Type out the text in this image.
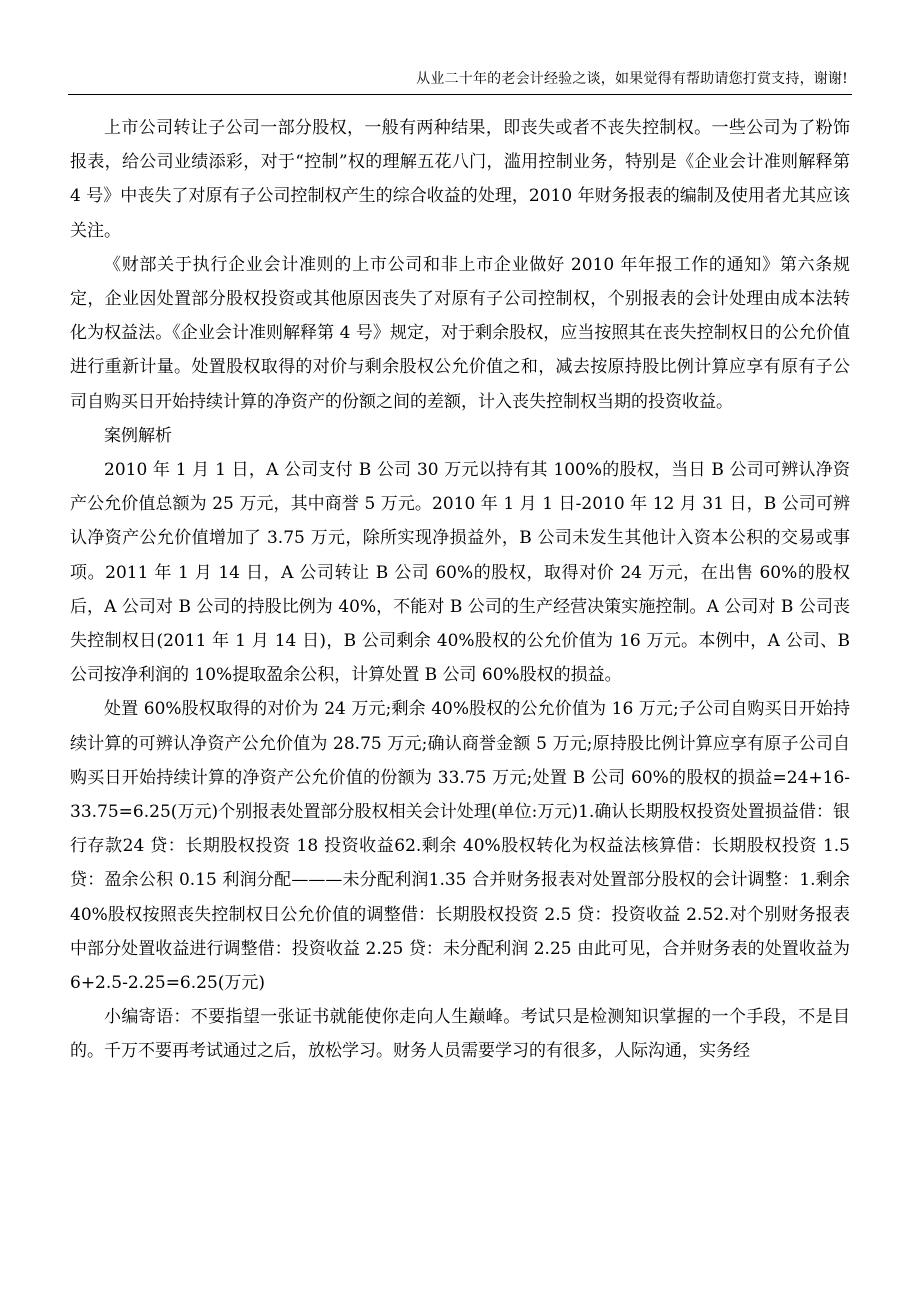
从业二十年的老会计经验之谈，如果觉得有帮助请您打赏支持，谢谢!

上市公司转让子公司一部分股权，一般有两种结果，即丧失或者不丧失控制权。一些公司为了粉饰报表，给公司业绩添彩，对于“控制”权的理解五花八门，滥用控制业务，特别是《企业会计准则解释第 4 号》中丧失了对原有子公司控制权产生的综合收益的处理，2010 年财务报表的编制及使用者尤其应该关注。

《财部关于执行企业会计准则的上市公司和非上市企业做好 2010 年年报工作的通知》第六条规定，企业因处置部分股权投资或其他原因丧失了对原有子公司控制权，个别报表的会计处理由成本法转化为权益法。《企业会计准则解释第 4 号》规定，对于剩余股权，应当按照其在丧失控制权日的公允价值进行重新计量。处置股权取得的对价与剩余股权公允价值之和，减去按原持股比例计算应享有原有子公司自购买日开始持续计算的净资产的份额之间的差额，计入丧失控制权当期的投资收益。

案例解析

2010 年 1 月 1 日，A 公司支付 B 公司 30 万元以持有其 100%的股权，当日 B 公司可辨认净资产公允价值总额为 25 万元，其中商誉 5 万元。2010 年 1 月 1 日-2010 年 12 月 31 日，B 公司可辨认净资产公允价值增加了 3.75 万元，除所实现净损益外，B 公司未发生其他计入资本公积的交易或事项。2011 年 1 月 14 日，A 公司转让 B 公司 60%的股权，取得对价 24 万元，在出售 60%的股权后，A 公司对 B 公司的持股比例为 40%，不能对 B 公司的生产经营决策实施控制。A 公司对 B 公司丧失控制权日(2011 年 1 月 14 日)，B 公司剩余 40%股权的公允价值为 16 万元。本例中，A 公司、B 公司按净利润的 10%提取盈余公积，计算处置 B 公司 60%股权的损益。

处置 60%股权取得的对价为 24 万元;剩余 40%股权的公允价值为 16 万元;子公司自购买日开始持续计算的可辨认净资产公允价值为 28.75 万元;确认商誉金额 5 万元;原持股比例计算应享有原子公司自购买日开始持续计算的净资产公允价值的份额为 33.75 万元;处置 B 公司 60%的股权的损益=24+16-33.75=6.25(万元)个别报表处置部分股权相关会计处理(单位:万元)1.确认长期股权投资处置损益借：银行存款24 贷：长期股权投资 18 投资收益62.剩余 40%股权转化为权益法核算借：长期股权投资 1.5 贷：盈余公积 0.15 利润分配———未分配利润1.35 合并财务报表对处置部分股权的会计调整：1.剩余 40%股权按照丧失控制权日公允价值的调整借：长期股权投资 2.5 贷：投资收益 2.52.对个别财务报表中部分处置收益进行调整借：投资收益 2.25 贷：未分配利润 2.25 由此可见，合并财务表的处置收益为 6+2.5-2.25=6.25(万元)

小编寄语：不要指望一张证书就能使你走向人生巅峰。考试只是检测知识掌握的一个手段，不是目的。千万不要再考试通过之后，放松学习。财务人员需要学习的有很多，人际沟通，实务经
